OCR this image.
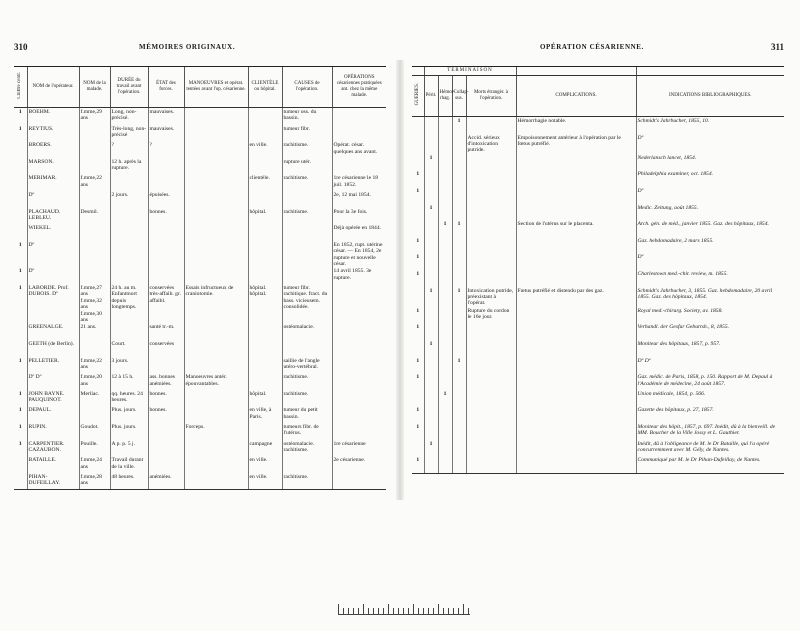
310	MÉMOIRES ORIGINAUX.
Chiffre centr.	NOM de l'opérateur.	NOM de la malade.	DURÉE du travail avant l'opération.	ÉTAT des forces.	MANOEUVRES et opérat. tentées avant l'op. césarienne.	CLIENTÈLE ou hôpital.	CAUSES de l'opération.	OPÉRATIONS césariennes pratiquées ant. chez la même malade.
1	BOEHM.	f.mme,29 ans	Long, non-précisé.	mauvaises.			tumeur oss. du bassin.	
1	REYTIUS.		Très-long, non-précisé	mauvaises.			tumeur fibr.	
	BROERS.		?	?		en ville.	rachitisme.	Opérat. césar. quelques ans avant.
	MARSON.		12 h. après la rupture.				rupture utér.	
	MERIMAR.	f.mme,22 ans				clientèle.	rachitisme.	1re césarienne le 18 juil. 1852.
	Dº		2 jours.	épuisées.				2e, 12 mai 1854.
	PLACHAUD. LEBLEU.	Desmil.		bonnes.		hôpital.	rachitisme.	Pour la 3e fois.
	WIEKEL.							Déjà opérée en 1844.
1	Dº							En 1852, rupt. utérine césar. — En 1854, 2e rupture et nouvelle césar.
1	Dº							14 avril 1855. 3e rupture.
1	LABORDE. Prof. DUBOIS. Dº	f.mme,27 ans f.mme,32 ans f.mme,30 ans	24 h. au m. Enfantmort depuis longtemps.	conservées très-affaib. gr. affaibl.	Essais infructueux de craniotomie.	hôpital. hôpital.	tumeur fibr. rachitique. fract. du bass. vicieusem. consolidée.	
	GREENALGE.	21 ans.		santé tr.-m.			ostéomalacie.	
	GEETH (de Berlin).		Court.	conservées				
1	PELLETIER.	f.mme,22 ans	3 jours.				saillie de l'angle utéro-vertébral.	
	Dº Dº	f.mme,20 ans	12 à 15 h.	ass. bonnes anémiées.	Manoeuvres antér. épouvantables.		rachitisme.	
1	JOHN BAYNE. PAUQUINOT.	Merliac.	qq. heures. 24 heures.	bonnes.		hôpital.	rachitisme.	
1	DEPAUL.		Plus. jours.	bonnes.		en ville, à Paris.	tumeur du petit bassin.	
1	RUPIN.	Goudot.	Plus. jours.		Forceps.		tumeurs fibr. de l'utérus.	
1	CARPENTIER. CAZAUBON.	Pouille.	A p. p. 5 j.			campagne	ostéomalacie. rachitisme.	1re césarienne
	BATAILLE.	f.mme,24 ans	Travail durant de la ville.			en ville.		2e césarienne.
	PIHAN-DUFEILLAY.	f.mme,28 ans	48 heures.	anémiées.		en ville.	rachitisme.	
OPÉRATION CÉSARIENNE.	311
	TERMINAISON					
GUÉRIES.	Périt.	Hémor-rhag.	Collap-sus.	Morts étrangèr. à l'opération.	COMPLICATIONS.	INDICATIONS BIBLIOGRAPHIQUES.
			1		Hémorrhagie notable.	Schmidt's Jahrbucher, 1855, 10.
				Accid. sérieux d'intoxication putride.	Empoisonnement antérieur à l'opération par le fœtus putréfié.	Dº
	1					Nederlansch lancet, 1854.
1						Philadelphia examiner, oct. 1854.
1						Dº
	1					Medic. Zeitung, août 1855.
		1	1		Section de l'utérus sur le placenta.	Arch. gén. de méd., janvier 1855. Gaz. des hôpitaux, 1854.
1						Gaz. hebdomadaire, 2 mars 1855.
1						Dº
1						Charlestown med.-chir. review, m. 1855.
	1		1	Intoxication putride, préexistant à l'opérat.	Fœtus putréfié et distendu par des gaz.	Schmidt's Jahrbucher, 3, 1855. Gaz. hebdomadaire, 20 avril 1855. Gaz. des hôpitaux, 1854.
1				Rupture du cordon le 16e jour.		Royal med.-chirurg. Society, av. 1858.
1						Verhandl. der Gesfur Geburtsh., 8, 1855.
	1					Moniteur des hôpitaux, 1857, p. 957.
1			1			Dº Dº
1						Gaz. médic. de Paris, 1858, p. 150. Rapport de M. Depaul à l'Académie de médecine, 24 août 1857.
		1				Union médicale, 1854, p. 566.
1						Gazette des hôpitaux, p. 27, 1857.
1						Moniteur des hôpit., 1857, p. 697. Inédit, dû à la bienveill. de MM. Boucher de la Ville Jossy et L. Gauthier.
	1					Inédit, dû à l'obligeance de M. le Dr Bataille, qui l'a opéré concurremment avec M. Gély, de Nantes.
1						Communiqué par M. le Dr Pihan-Dufeillay, de Nantes.
